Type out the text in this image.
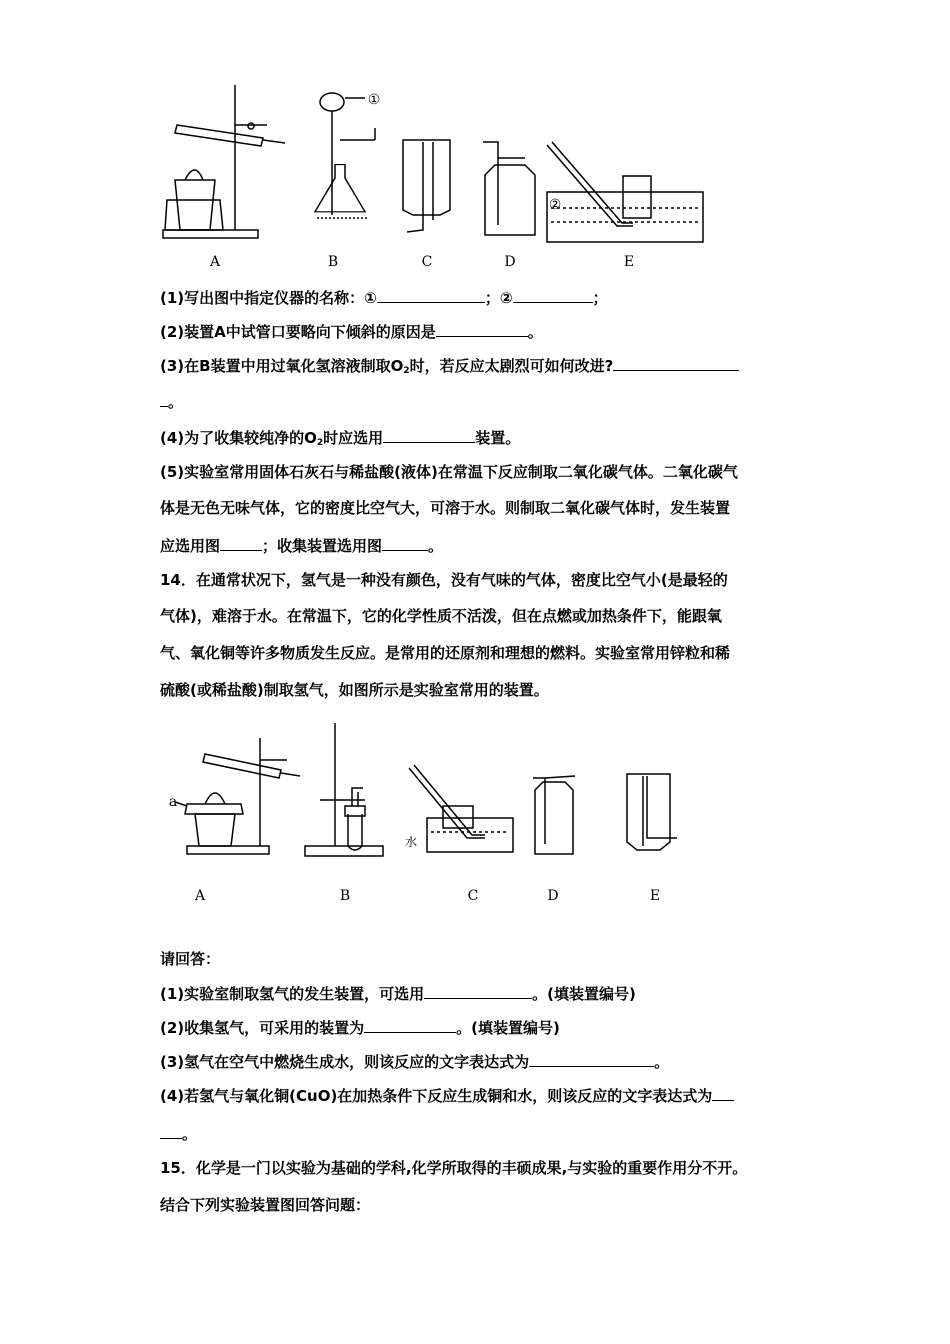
A	B	C	D	E
①
②
(1)写出图中指定仪器的名称：①	；②	；
(2)装置A中试管口要略向下倾斜的原因是	。
(3)在B装置中用过氧化氢溶液制取$O_2$时，若反应太剧烈可如何改进?
。
(4)为了收集较纯净的$O_2$时应选用	装置。
(5)实验室常用固体石灰石与稀盐酸(液体)在常温下反应制取二氧化碳气体。二氧化碳气
体是无色无味气体，它的密度比空气大，可溶于水。则制取二氧化碳气体时，发生装置
应选用图	；收集装置选用图	。
14．在通常状况下，氢气是一种没有颜色，没有气味的气体，密度比空气小(是最轻的
气体)，难溶于水。在常温下，它的化学性质不活泼，但在点燃或加热条件下，能跟氧
气、氧化铜等许多物质发生反应。是常用的还原剂和理想的燃料。实验室常用锌粒和稀
硫酸(或稀盐酸)制取氢气，如图所示是实验室常用的装置。
A	B	C	D	E
a
水
请回答：
(1)实验室制取氢气的发生装置，可选用	。(填装置编号)
(2)收集氢气，可采用的装置为	。(填装置编号)
(3)氢气在空气中燃烧生成水，则该反应的文字表达式为	。
(4)若氢气与氧化铜(CuO)在加热条件下反应生成铜和水，则该反应的文字表达式为
。
15．化学是一门以实验为基础的学科,化学所取得的丰硕成果,与实验的重要作用分不开。
结合下列实验装置图回答问题：
